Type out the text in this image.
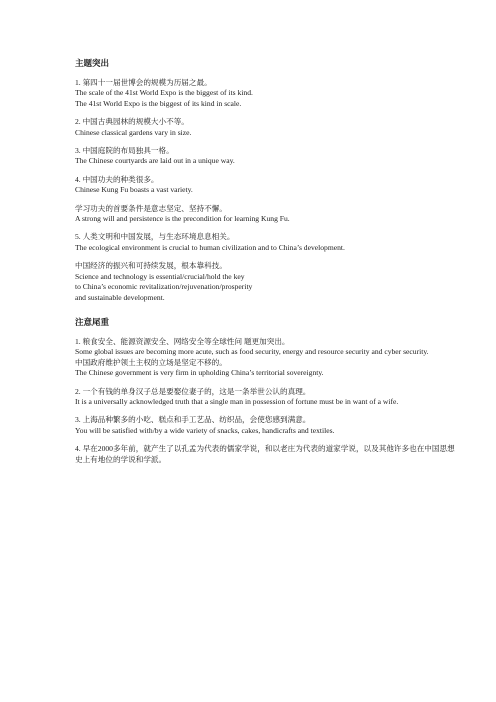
主题突出
1. 第四十一届世博会的规模为历届之最。
The scale of the 41st World Expo is the biggest of its kind.
The 41st World Expo is the biggest of its kind in scale.
2. 中国古典园林的规模大小不等。
Chinese classical gardens vary in size.
3. 中国庭院的布局独具一格。
The Chinese courtyards are laid out in a unique way.
4. 中国功夫的种类很多。
Chinese Kung Fu boasts a vast variety.
学习功夫的首要条件是意志坚定、坚持不懈。
A strong will and persistence is the precondition for learning Kung Fu.
5. 人类文明和中国发展，与生态环境息息相关。
The ecological environment is crucial to human civilization and to China’s development.
中国经济的振兴和可持续发展，根本靠科技。
Science and technology is essential/crucial/hold the key
to China’s economic revitalization/rejuvenation/prosperity
and sustainable development.
注意尾重
1. 粮食安全、能源资源安全、网络安全等全球性问 题更加突出。
Some global issues are becoming more acute, such as food security, energy and resource security and cyber security.
中国政府维护领土主权的立场是坚定不移的。
The Chinese government is very firm in upholding China’s territorial sovereignty.
2. 一个有钱的单身汉子总是要娶位妻子的，这是一条举世公认的真理。
It is a universally acknowledged truth that a single man in possession of fortune must be in want of a wife.
3. 上海品种繁多的小吃、糕点和手工艺品、纺织品，会使您感到满意。
You will be satisfied with/by a wide variety of snacks, cakes, handicrafts and textiles.
4. 早在2000多年前，就产生了以孔孟为代表的儒家学说，和以老庄为代表的道家学说，以及其他许多也在中国思想史上有地位的学说和学派。
